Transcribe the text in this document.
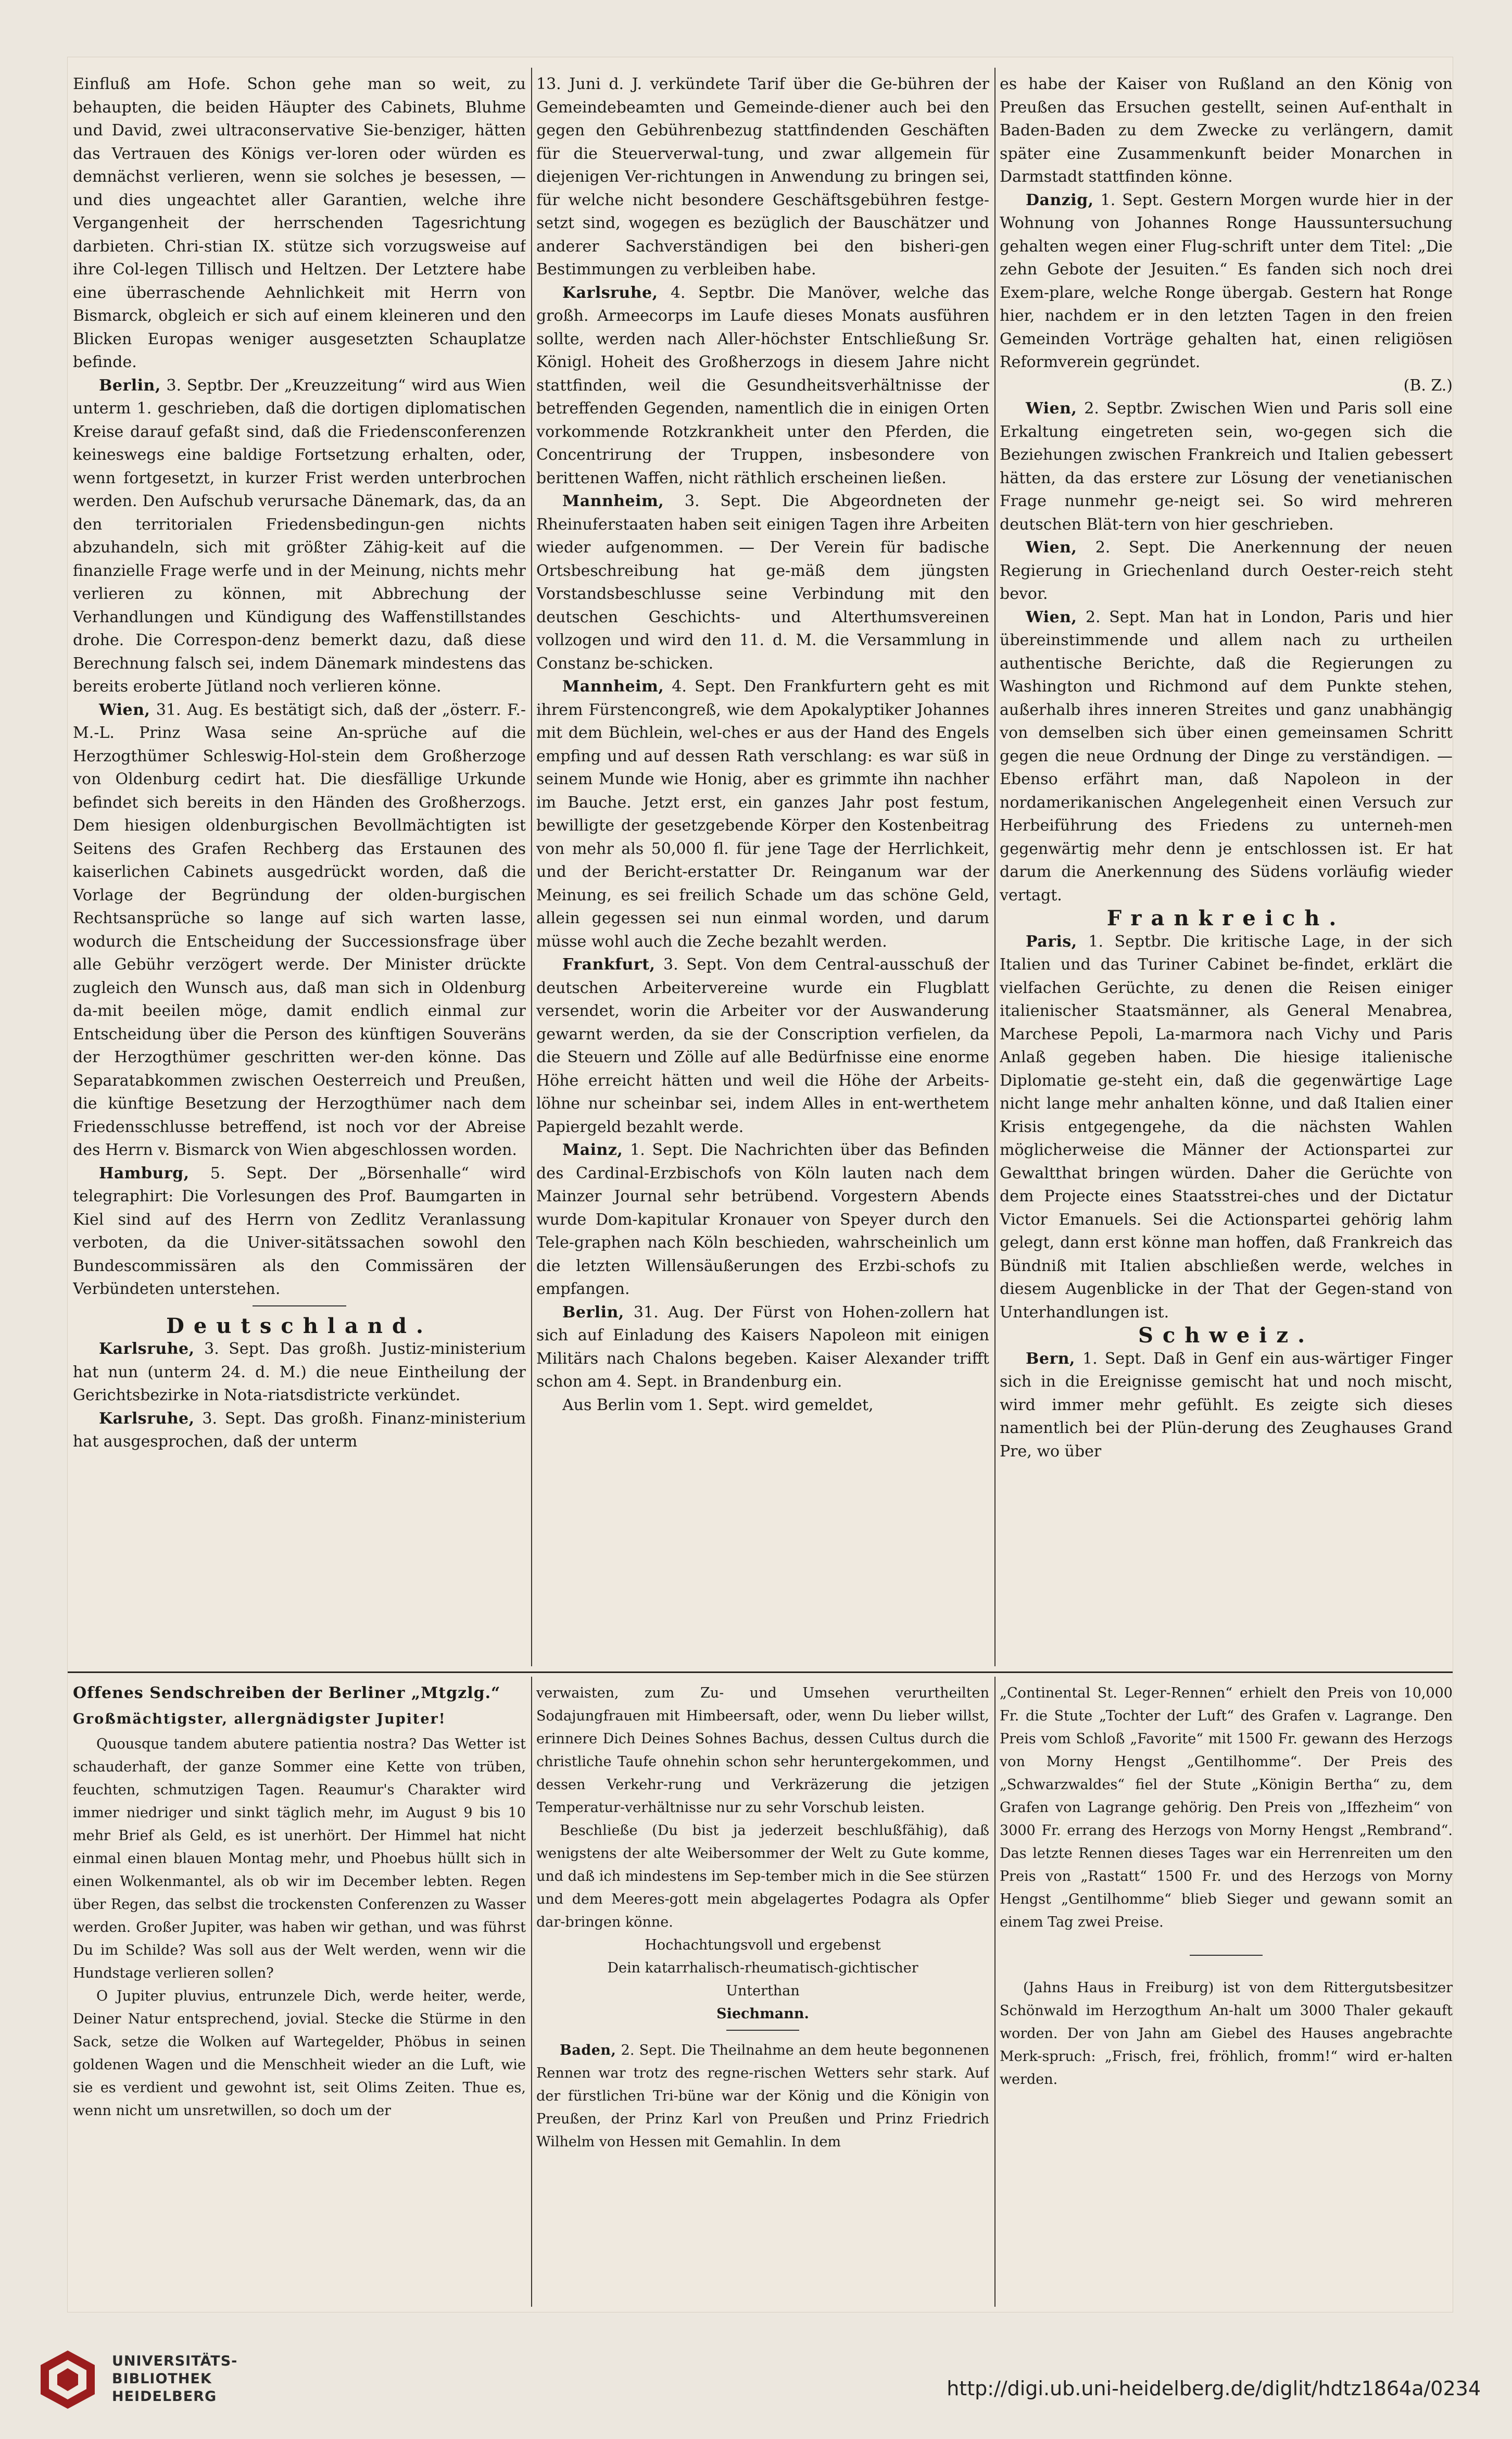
Einfluß am Hofe. Schon gehe man so weit, zu behaupten, die beiden Häupter des Cabinets, Bluhme und David, zwei ultraconservative Sie-benziger, hätten das Vertrauen des Königs ver-loren oder würden es demnächst verlieren, wenn sie solches je besessen, — und dies ungeachtet aller Garantien, welche ihre Vergangenheit der herrschenden Tagesrichtung darbieten. Chri-stian IX. stütze sich vorzugsweise auf ihre Col-legen Tillisch und Heltzen. Der Letztere habe eine überraschende Aehnlichkeit mit Herrn von Bismarck, obgleich er sich auf einem kleineren und den Blicken Europas weniger ausgesetzten Schauplatze befinde.

Berlin, 3. Septbr. Der „Kreuzzeitung“ wird aus Wien unterm 1. geschrieben, daß die dortigen diplomatischen Kreise darauf gefaßt sind, daß die Friedensconferenzen keineswegs eine baldige Fortsetzung erhalten, oder, wenn fortgesetzt, in kurzer Frist werden unterbrochen werden. Den Aufschub verursache Dänemark, das, da an den territorialen Friedensbedingun-gen nichts abzuhandeln, sich mit größter Zähig-keit auf die finanzielle Frage werfe und in der Meinung, nichts mehr verlieren zu können, mit Abbrechung der Verhandlungen und Kündigung des Waffenstillstandes drohe. Die Correspon-denz bemerkt dazu, daß diese Berechnung falsch sei, indem Dänemark mindestens das bereits eroberte Jütland noch verlieren könne.

Wien, 31. Aug. Es bestätigt sich, daß der „österr. F.-M.-L. Prinz Wasa seine An-sprüche auf die Herzogthümer Schleswig-Hol-stein dem Großherzoge von Oldenburg cedirt hat. Die diesfällige Urkunde befindet sich bereits in den Händen des Großherzogs. Dem hiesigen oldenburgischen Bevollmächtigten ist Seitens des Grafen Rechberg das Erstaunen des kaiserlichen Cabinets ausgedrückt worden, daß die Vorlage der Begründung der olden-burgischen Rechtsansprüche so lange auf sich warten lasse, wodurch die Entscheidung der Successionsfrage über alle Gebühr verzögert werde. Der Minister drückte zugleich den Wunsch aus, daß man sich in Oldenburg da-mit beeilen möge, damit endlich einmal zur Entscheidung über die Person des künftigen Souveräns der Herzogthümer geschritten wer-den könne. Das Separatabkommen zwischen Oesterreich und Preußen, die künftige Besetzung der Herzogthümer nach dem Friedensschlusse betreffend, ist noch vor der Abreise des Herrn v. Bismarck von Wien abgeschlossen worden.

Hamburg, 5. Sept. Der „Börsenhalle“ wird telegraphirt: Die Vorlesungen des Prof. Baumgarten in Kiel sind auf des Herrn von Zedlitz Veranlassung verboten, da die Univer-sitätssachen sowohl den Bundescommissären als den Commissären der Verbündeten unterstehen.

Deutschland.

Karlsruhe, 3. Sept. Das großh. Justiz-ministerium hat nun (unterm 24. d. M.) die neue Eintheilung der Gerichtsbezirke in Nota-riatsdistricte verkündet.

Karlsruhe, 3. Sept. Das großh. Finanz-ministerium hat ausgesprochen, daß der unterm

13. Juni d. J. verkündete Tarif über die Ge-bühren der Gemeindebeamten und Gemeinde-diener auch bei den gegen den Gebührenbezug stattfindenden Geschäften für die Steuerverwal-tung, und zwar allgemein für diejenigen Ver-richtungen in Anwendung zu bringen sei, für welche nicht besondere Geschäftsgebühren festge-setzt sind, wogegen es bezüglich der Bauschätzer und anderer Sachverständigen bei den bisheri-gen Bestimmungen zu verbleiben habe.

Karlsruhe, 4. Septbr. Die Manöver, welche das großh. Armeecorps im Laufe dieses Monats ausführen sollte, werden nach Aller-höchster Entschließung Sr. Königl. Hoheit des Großherzogs in diesem Jahre nicht stattfinden, weil die Gesundheitsverhältnisse der betreffenden Gegenden, namentlich die in einigen Orten vorkommende Rotzkrankheit unter den Pferden, die Concentrirung der Truppen, insbesondere von berittenen Waffen, nicht räthlich erscheinen ließen.

Mannheim, 3. Sept. Die Abgeordneten der Rheinuferstaaten haben seit einigen Tagen ihre Arbeiten wieder aufgenommen. — Der Verein für badische Ortsbeschreibung hat ge-mäß dem jüngsten Vorstandsbeschlusse seine Verbindung mit den deutschen Geschichts- und Alterthumsvereinen vollzogen und wird den 11. d. M. die Versammlung in Constanz be-schicken.

Mannheim, 4. Sept. Den Frankfurtern geht es mit ihrem Fürstencongreß, wie dem Apokalyptiker Johannes mit dem Büchlein, wel-ches er aus der Hand des Engels empfing und auf dessen Rath verschlang: es war süß in seinem Munde wie Honig, aber es grimmte ihn nachher im Bauche. Jetzt erst, ein ganzes Jahr post festum, bewilligte der gesetzgebende Körper den Kostenbeitrag von mehr als 50,000 fl. für jene Tage der Herrlichkeit, und der Bericht-erstatter Dr. Reinganum war der Meinung, es sei freilich Schade um das schöne Geld, allein gegessen sei nun einmal worden, und darum müsse wohl auch die Zeche bezahlt werden.

Frankfurt, 3. Sept. Von dem Central-ausschuß der deutschen Arbeitervereine wurde ein Flugblatt versendet, worin die Arbeiter vor der Auswanderung gewarnt werden, da sie der Conscription verfielen, da die Steuern und Zölle auf alle Bedürfnisse eine enorme Höhe erreicht hätten und weil die Höhe der Arbeits-löhne nur scheinbar sei, indem Alles in ent-werthetem Papiergeld bezahlt werde.

Mainz, 1. Sept. Die Nachrichten über das Befinden des Cardinal-Erzbischofs von Köln lauten nach dem Mainzer Journal sehr betrübend. Vorgestern Abends wurde Dom-kapitular Kronauer von Speyer durch den Tele-graphen nach Köln beschieden, wahrscheinlich um die letzten Willensäußerungen des Erzbi-schofs zu empfangen.

Berlin, 31. Aug. Der Fürst von Hohen-zollern hat sich auf Einladung des Kaisers Napoleon mit einigen Militärs nach Chalons begeben. Kaiser Alexander trifft schon am 4. Sept. in Brandenburg ein.

Aus Berlin vom 1. Sept. wird gemeldet,

es habe der Kaiser von Rußland an den König von Preußen das Ersuchen gestellt, seinen Auf-enthalt in Baden-Baden zu dem Zwecke zu verlängern, damit später eine Zusammenkunft beider Monarchen in Darmstadt stattfinden könne.

Danzig, 1. Sept. Gestern Morgen wurde hier in der Wohnung von Johannes Ronge Haussuntersuchung gehalten wegen einer Flug-schrift unter dem Titel: „Die zehn Gebote der Jesuiten.“ Es fanden sich noch drei Exem-plare, welche Ronge übergab. Gestern hat Ronge hier, nachdem er in den letzten Tagen in den freien Gemeinden Vorträge gehalten hat, einen religiösen Reformverein gegründet.

(B. Z.)

Wien, 2. Septbr. Zwischen Wien und Paris soll eine Erkaltung eingetreten sein, wo-gegen sich die Beziehungen zwischen Frankreich und Italien gebessert hätten, da das erstere zur Lösung der venetianischen Frage nunmehr ge-neigt sei. So wird mehreren deutschen Blät-tern von hier geschrieben.

Wien, 2. Sept. Die Anerkennung der neuen Regierung in Griechenland durch Oester-reich steht bevor.

Wien, 2. Sept. Man hat in London, Paris und hier übereinstimmende und allem nach zu urtheilen authentische Berichte, daß die Regierungen zu Washington und Richmond auf dem Punkte stehen, außerhalb ihres inneren Streites und ganz unabhängig von demselben sich über einen gemeinsamen Schritt gegen die neue Ordnung der Dinge zu verständigen. — Ebenso erfährt man, daß Napoleon in der nordamerikanischen Angelegenheit einen Versuch zur Herbeiführung des Friedens zu unterneh-men gegenwärtig mehr denn je entschlossen ist. Er hat darum die Anerkennung des Südens vorläufig wieder vertagt.

Frankreich.

Paris, 1. Septbr. Die kritische Lage, in der sich Italien und das Turiner Cabinet be-findet, erklärt die vielfachen Gerüchte, zu denen die Reisen einiger italienischer Staatsmänner, als General Menabrea, Marchese Pepoli, La-marmora nach Vichy und Paris Anlaß gegeben haben. Die hiesige italienische Diplomatie ge-steht ein, daß die gegenwärtige Lage nicht lange mehr anhalten könne, und daß Italien einer Krisis entgegengehe, da die nächsten Wahlen möglicherweise die Männer der Actionspartei zur Gewaltthat bringen würden. Daher die Gerüchte von dem Projecte eines Staatsstrei-ches und der Dictatur Victor Emanuels. Sei die Actionspartei gehörig lahm gelegt, dann erst könne man hoffen, daß Frankreich das Bündniß mit Italien abschließen werde, welches in diesem Augenblicke in der That der Gegen-stand von Unterhandlungen ist.

Schweiz.

Bern, 1. Sept. Daß in Genf ein aus-wärtiger Finger sich in die Ereignisse gemischt hat und noch mischt, wird immer mehr gefühlt. Es zeigte sich dieses namentlich bei der Plün-derung des Zeughauses Grand Pre, wo über

Offenes Sendschreiben der Berliner „Mtgzlg.“

Großmächtigster, allergnädigster Jupiter!

Quousque tandem abutere patientia nostra? Das Wetter ist schauderhaft, der ganze Sommer eine Kette von trüben, feuchten, schmutzigen Tagen. Reaumur's Charakter wird immer niedriger und sinkt täglich mehr, im August 9 bis 10 mehr Brief als Geld, es ist unerhört. Der Himmel hat nicht einmal einen blauen Montag mehr, und Phoebus hüllt sich in einen Wolkenmantel, als ob wir im December lebten. Regen über Regen, das selbst die trockensten Conferenzen zu Wasser werden. Großer Jupiter, was haben wir gethan, und was führst Du im Schilde? Was soll aus der Welt werden, wenn wir die Hundstage verlieren sollen?

O Jupiter pluvius, entrunzele Dich, werde heiter, werde, Deiner Natur entsprechend, jovial. Stecke die Stürme in den Sack, setze die Wolken auf Wartegelder, Phöbus in seinen goldenen Wagen und die Menschheit wieder an die Luft, wie sie es verdient und gewohnt ist, seit Olims Zeiten. Thue es, wenn nicht um unsretwillen, so doch um der

verwaisten, zum Zu- und Umsehen verurtheilten Sodajungfrauen mit Himbeersaft, oder, wenn Du lieber willst, erinnere Dich Deines Sohnes Bachus, dessen Cultus durch die christliche Taufe ohnehin schon sehr heruntergekommen, und dessen Verkehr-rung und Verkräzerung die jetzigen Temperatur-verhältnisse nur zu sehr Vorschub leisten.

Beschließe (Du bist ja jederzeit beschlußfähig), daß wenigstens der alte Weibersommer der Welt zu Gute komme, und daß ich mindestens im Sep-tember mich in die See stürzen und dem Meeres-gott mein abgelagertes Podagra als Opfer dar-bringen könne.

Hochachtungsvoll und ergebenst

Dein katarrhalisch-rheumatisch-gichtischer

Unterthan

Siechmann.

Baden, 2. Sept. Die Theilnahme an dem heute begonnenen Rennen war trotz des regne-rischen Wetters sehr stark. Auf der fürstlichen Tri-büne war der König und die Königin von Preußen, der Prinz Karl von Preußen und Prinz Friedrich Wilhelm von Hessen mit Gemahlin. In dem

„Continental St. Leger-Rennen“ erhielt den Preis von 10,000 Fr. die Stute „Tochter der Luft“ des Grafen v. Lagrange. Den Preis vom Schloß „Favorite“ mit 1500 Fr. gewann des Herzogs von Morny Hengst „Gentilhomme“. Der Preis des „Schwarzwaldes“ fiel der Stute „Königin Bertha“ zu, dem Grafen von Lagrange gehörig. Den Preis von „Iffezheim“ von 3000 Fr. errang des Herzogs von Morny Hengst „Rembrand“. Das letzte Rennen dieses Tages war ein Herrenreiten um den Preis von „Rastatt“ 1500 Fr. und des Herzogs von Morny Hengst „Gentilhomme“ blieb Sieger und gewann somit an einem Tag zwei Preise.

(Jahns Haus in Freiburg) ist von dem Rittergutsbesitzer Schönwald im Herzogthum An-halt um 3000 Thaler gekauft worden. Der von Jahn am Giebel des Hauses angebrachte Merk-spruch: „Frisch, frei, fröhlich, fromm!“ wird er-halten werden.

UNIVERSITÄTS-
BIBLIOTHEK
HEIDELBERG	http://digi.ub.uni-heidelberg.de/diglit/hdtz1864a/0234
